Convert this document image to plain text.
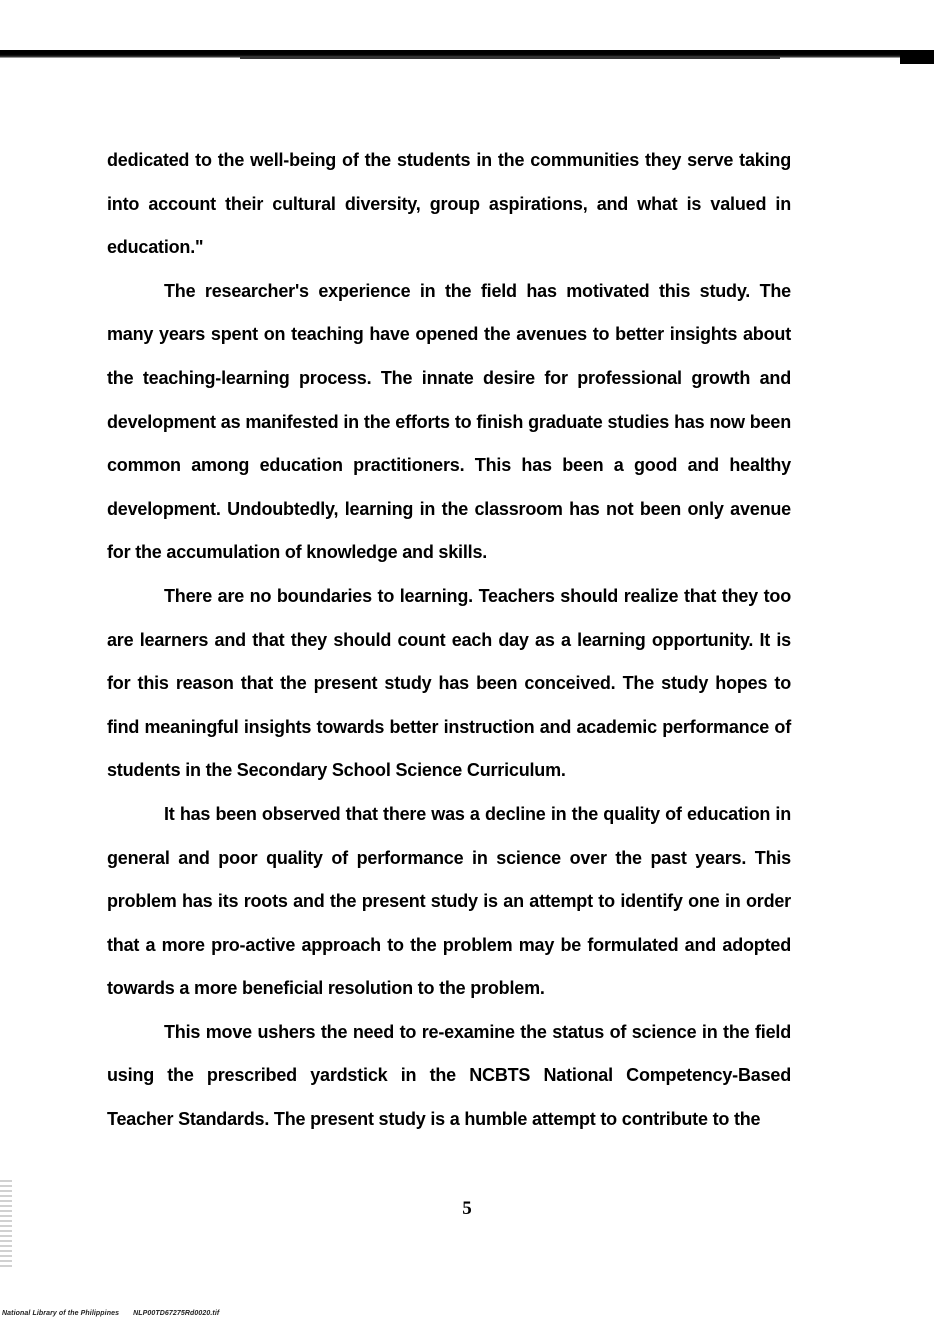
dedicated to the well-being of the students in the communities they serve taking into account their cultural diversity, group aspirations, and what is valued in education."

The researcher's experience in the field has motivated this study. The many years spent on teaching have opened the avenues to better insights about the teaching-learning process. The innate desire for professional growth and development as manifested in the efforts to finish graduate studies has now been common among education practitioners. This has been a good and healthy development. Undoubtedly, learning in the classroom has not been only avenue for the accumulation of knowledge and skills.

There are no boundaries to learning. Teachers should realize that they too are learners and that they should count each day as a learning opportunity. It is for this reason that the present study has been conceived. The study hopes to find meaningful insights towards better instruction and academic performance of students in the Secondary School Science Curriculum.

It has been observed that there was a decline in the quality of education in general and poor quality of performance in science over the past years. This problem has its roots and the present study is an attempt to identify one in order that a more pro-active approach to the problem may be formulated and adopted towards a more beneficial resolution to the problem.

This move ushers the need to re-examine the status of science in the field using the prescribed yardstick in the NCBTS National Competency-Based Teacher Standards. The present study is a humble attempt to contribute to the

5
National Library of the Philippines NLP00TD67275Rd0020.tif
